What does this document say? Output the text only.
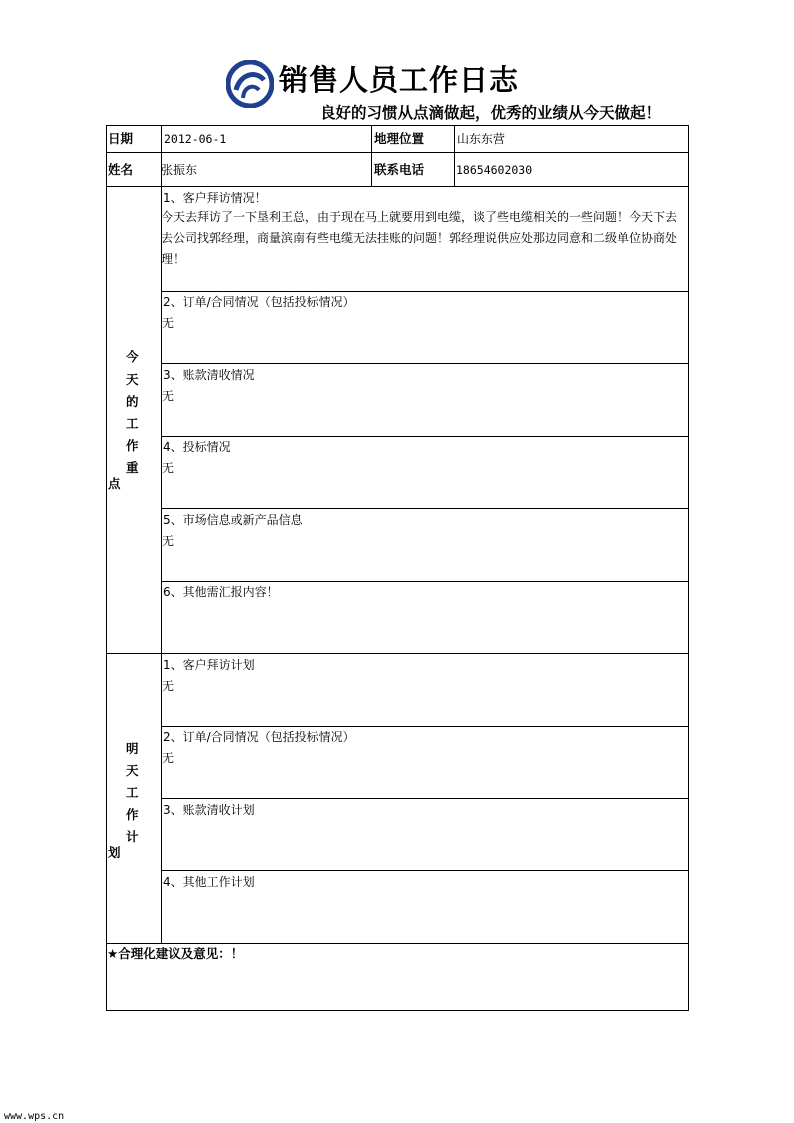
销售人员工作日志
良好的习惯从点滴做起，优秀的业绩从今天做起！
日期	2012-06-1	地理位置	山东东营
姓名 张振东	联系电话	18654602030
今
天
的
工
作
重
点
1、客户拜访情况！
今天去拜访了一下垦利王总，由于现在马上就要用到电缆，谈了些电缆相关的一些问题！今天下去去公司找郭经理，商量滨南有些电缆无法挂账的问题！郭经理说供应处那边同意和二级单位协商处理！
2、订单/合同情况（包括投标情况）
无
3、账款清收情况
无
4、投标情况
无
5、市场信息或新产品信息
无
6、其他需汇报内容！
明
天
工
作
计
划
1、客户拜访计划
无
2、订单/合同情况（包括投标情况）
无
3、账款清收计划
4、其他工作计划
★合理化建议及意见：！
www.wps.cn
